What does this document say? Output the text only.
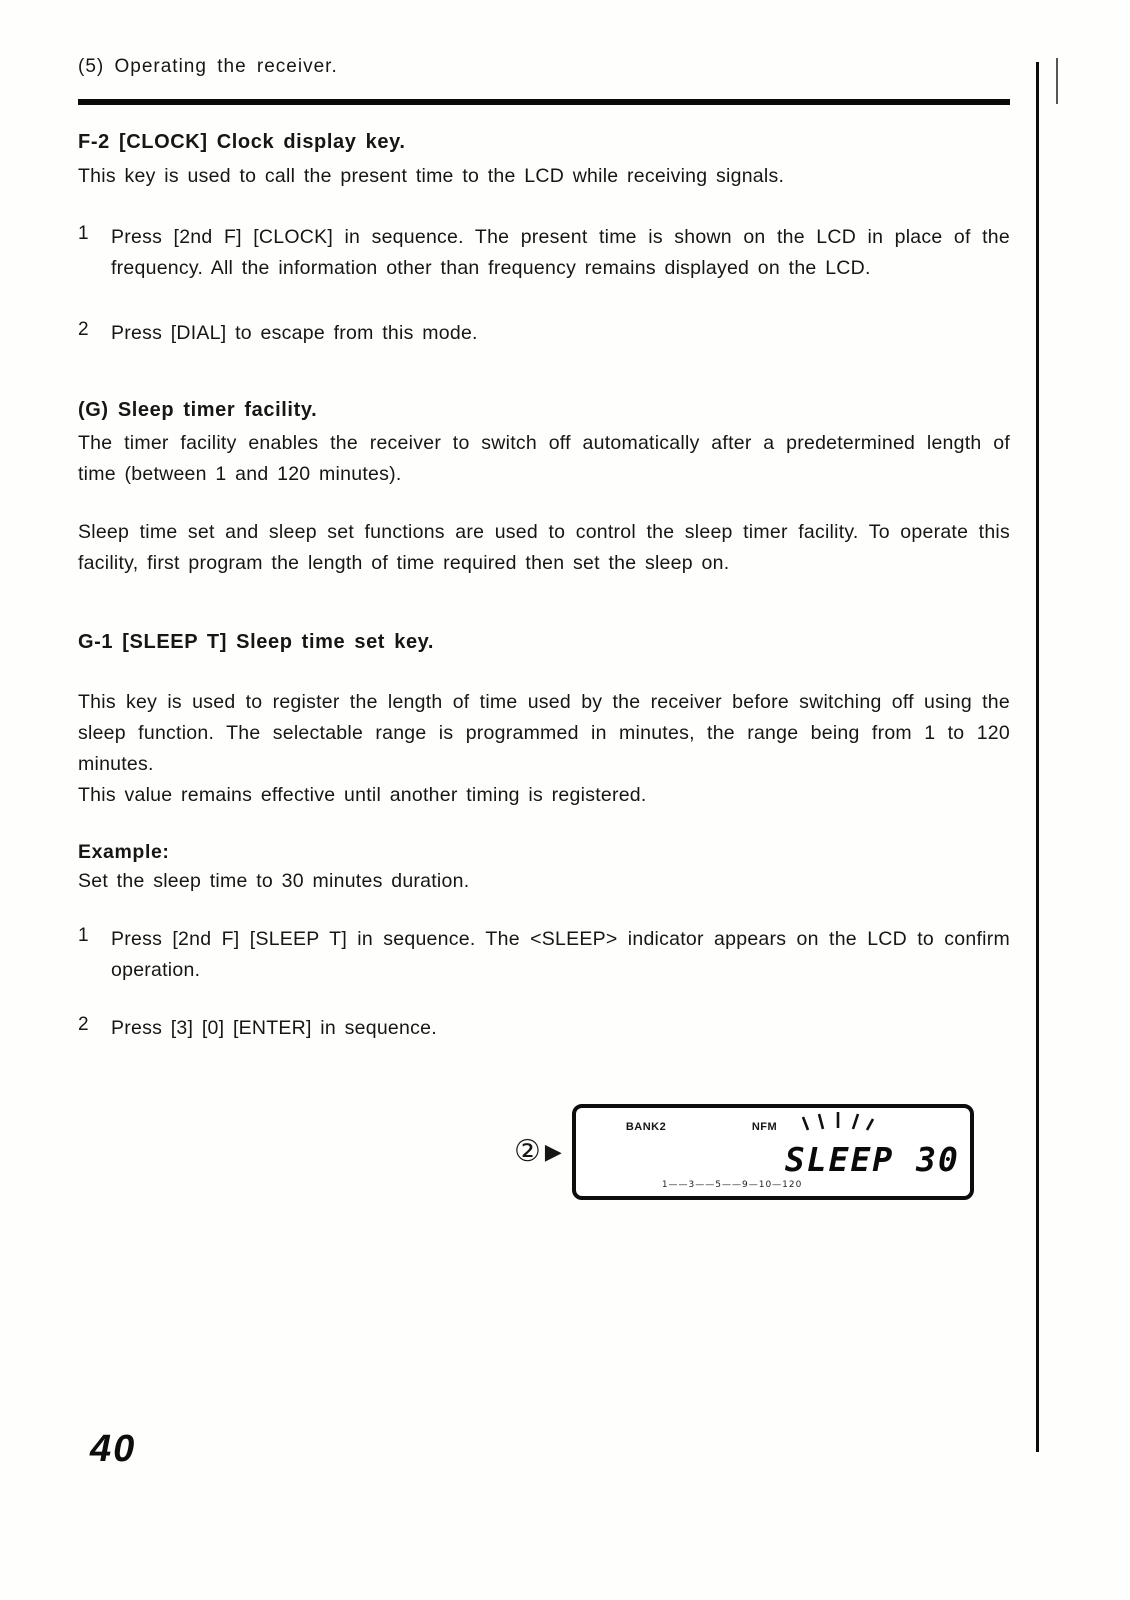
(5) Operating the receiver.
F-2 [CLOCK] Clock display key.

This key is used to call the present time to the LCD while receiving signals.

1	Press [2nd F] [CLOCK] in sequence. The present time is shown on the LCD in place of the frequency. All the information other than frequency remains displayed on the LCD.

2	Press [DIAL] to escape from this mode.

(G) Sleep timer facility.

The timer facility enables the receiver to switch off automatically after a predetermined length of time (between 1 and 120 minutes).

Sleep time set and sleep set functions are used to control the sleep timer facility. To operate this facility, first program the length of time required then set the sleep on.

G-1 [SLEEP T] Sleep time set key.

This key is used to register the length of time used by the receiver before switching off using the sleep function. The selectable range is programmed in minutes, the range being from 1 to 120 minutes.

This value remains effective until another timing is registered.

Example:

Set the sleep time to 30 minutes duration.

1	Press [2nd F] [SLEEP T] in sequence. The <SLEEP> indicator appears on the LCD to confirm operation.

2	Press [3] [0] [ENTER] in sequence.

② ▶
BANK2	NFM
SLEEP 30
1——3——5——9—10—120
40
